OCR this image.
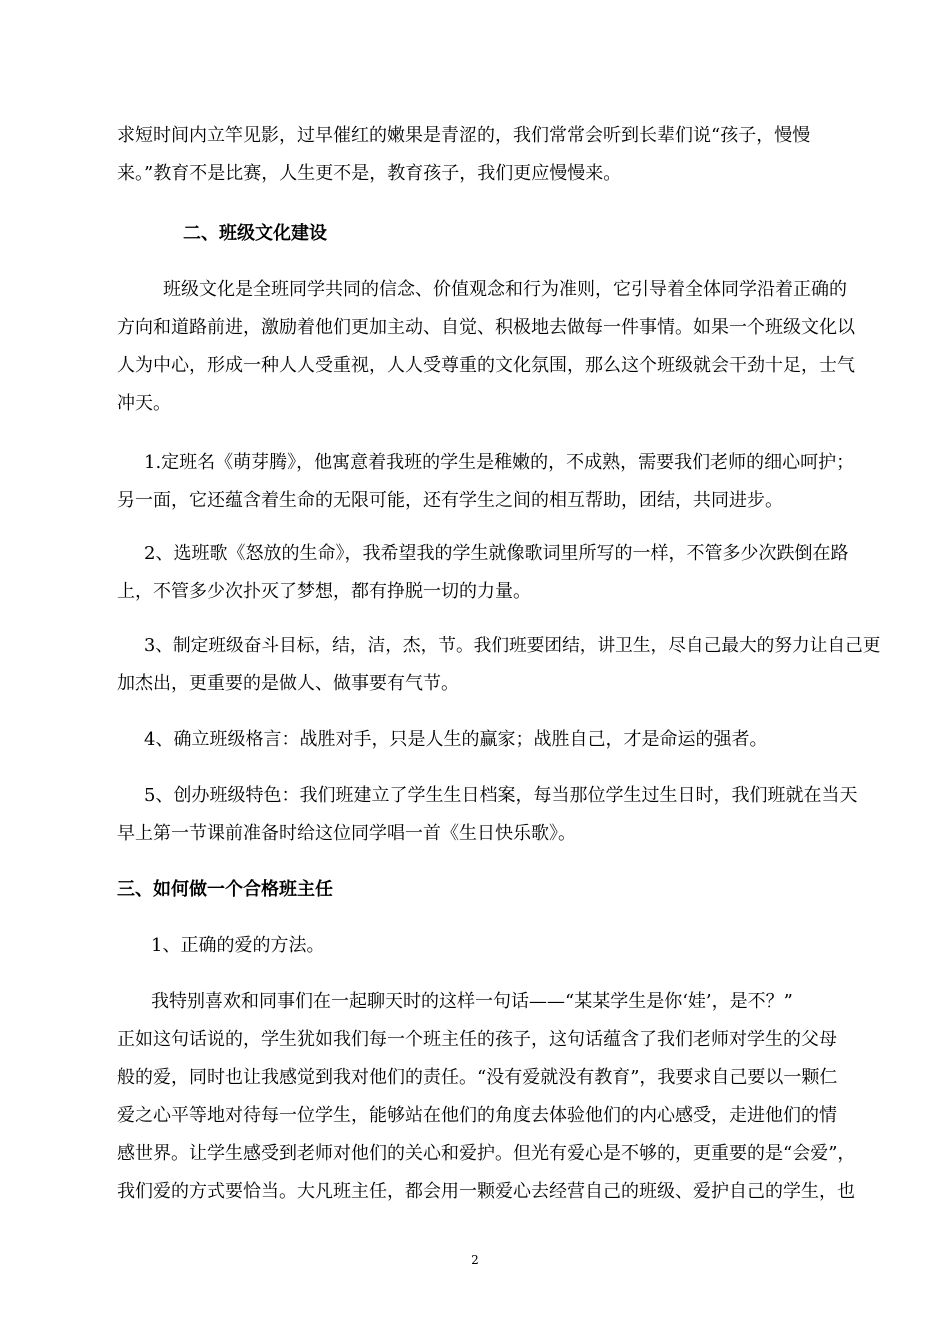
求短时间内立竿见影，过早催红的嫩果是青涩的，我们常常会听到长辈们说“孩子，慢慢
来。”教育不是比赛，人生更不是，教育孩子，我们更应慢慢来。
二、班级文化建设
班级文化是全班同学共同的信念、价值观念和行为准则，它引导着全体同学沿着正确的
方向和道路前进，激励着他们更加主动、自觉、积极地去做每一件事情。如果一个班级文化以
人为中心，形成一种人人受重视，人人受尊重的文化氛围，那么这个班级就会干劲十足，士气
冲天。
1.定班名《萌芽腾》，他寓意着我班的学生是稚嫩的，不成熟，需要我们老师的细心呵护；
另一面，它还蕴含着生命的无限可能，还有学生之间的相互帮助，团结，共同进步。
2、选班歌《怒放的生命》，我希望我的学生就像歌词里所写的一样，不管多少次跌倒在路
上，不管多少次扑灭了梦想，都有挣脱一切的力量。
3、制定班级奋斗目标，结，洁，杰，节。我们班要团结，讲卫生，尽自己最大的努力让自己更
加杰出，更重要的是做人、做事要有气节。
4、确立班级格言：战胜对手，只是人生的赢家；战胜自己，才是命运的强者。
5、创办班级特色：我们班建立了学生生日档案，每当那位学生过生日时，我们班就在当天
早上第一节课前准备时给这位同学唱一首《生日快乐歌》。
三、如何做一个合格班主任
1、正确的爱的方法。
我特别喜欢和同事们在一起聊天时的这样一句话——“某某学生是你‘娃’，是不？”
正如这句话说的，学生犹如我们每一个班主任的孩子，这句话蕴含了我们老师对学生的父母
般的爱，同时也让我感觉到我对他们的责任。“没有爱就没有教育”，我要求自己要以一颗仁
爱之心平等地对待每一位学生，能够站在他们的角度去体验他们的内心感受，走进他们的情
感世界。让学生感受到老师对他们的关心和爱护。但光有爱心是不够的，更重要的是“会爱”，
我们爱的方式要恰当。大凡班主任，都会用一颗爱心去经营自己的班级、爱护自己的学生，也
2
